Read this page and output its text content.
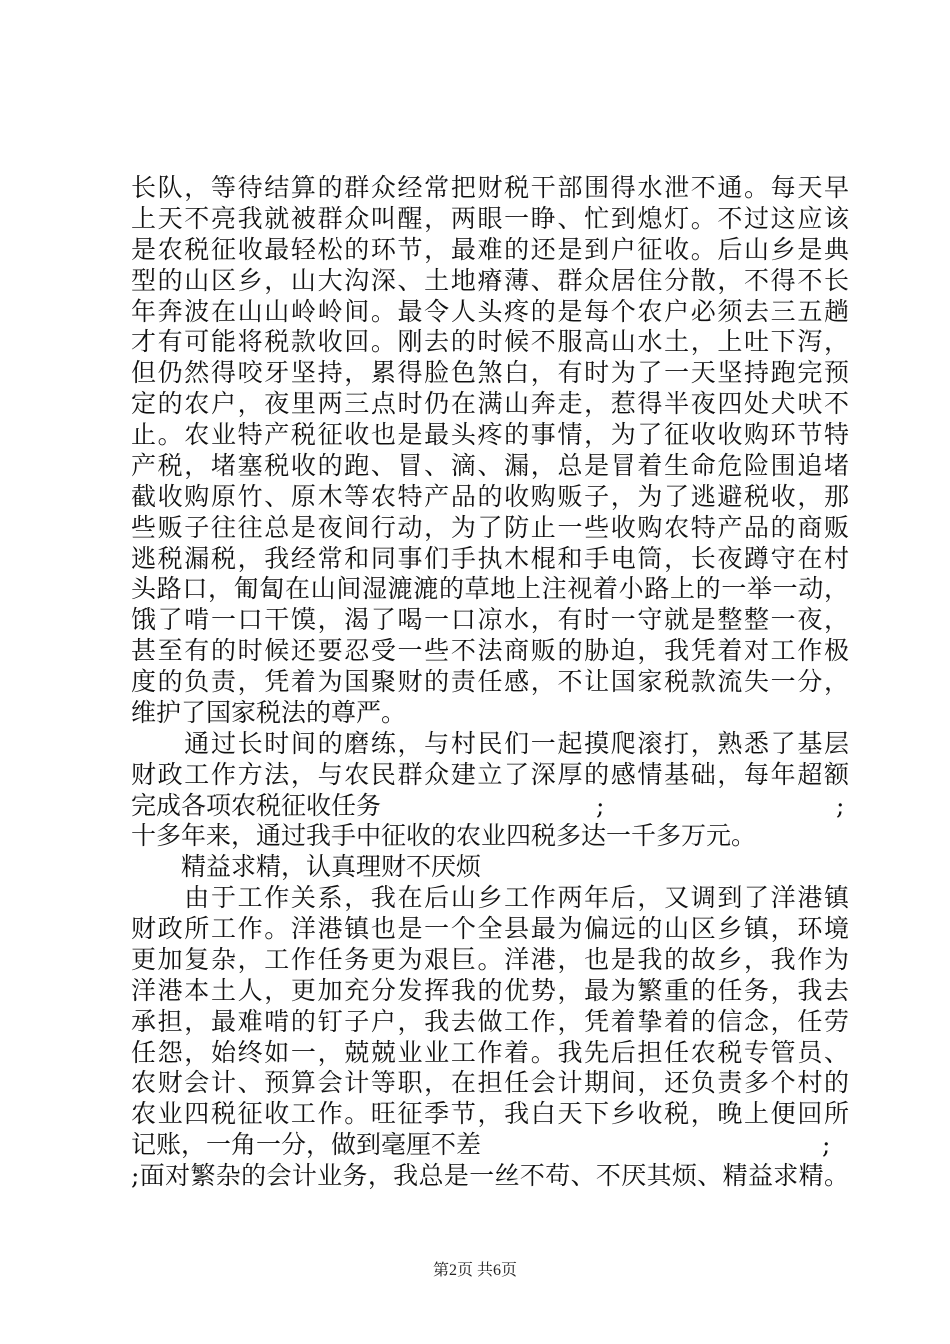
长队，等待结算的群众经常把财税干部围得水泄不通。每天早
上天不亮我就被群众叫醒，两眼一睁、忙到熄灯。不过这应该
是农税征收最轻松的环节，最难的还是到户征收。后山乡是典
型的山区乡，山大沟深、土地瘠薄、群众居住分散，不得不长
年奔波在山山岭岭间。最令人头疼的是每个农户必须去三五趟
才有可能将税款收回。刚去的时候不服高山水土，上吐下泻，
但仍然得咬牙坚持，累得脸色煞白，有时为了一天坚持跑完预
定的农户，夜里两三点时仍在满山奔走，惹得半夜四处犬吠不
止。农业特产税征收也是最头疼的事情，为了征收收购环节特
产税，堵塞税收的跑、冒、滴、漏，总是冒着生命危险围追堵
截收购原竹、原木等农特产品的收购贩子，为了逃避税收，那
些贩子往往总是夜间行动，为了防止一些收购农特产品的商贩
逃税漏税，我经常和同事们手执木棍和手电筒，长夜蹲守在村
头路口，匍匐在山间湿漉漉的草地上注视着小路上的一举一动，
饿了啃一口干馍，渴了喝一口凉水，有时一守就是整整一夜，
甚至有的时候还要忍受一些不法商贩的胁迫，我凭着对工作极
度的负责，凭着为国聚财的责任感，不让国家税款流失一分，
维护了国家税法的尊严。
　　通过长时间的磨练，与村民们一起摸爬滚打，熟悉了基层
财政工作方法，与农民群众建立了深厚的感情基础，每年超额
完成各项农税征收任务	;	;
十多年来，通过我手中征收的农业四税多达一千多万元。
　　精益求精，认真理财不厌烦
　　由于工作关系，我在后山乡工作两年后，又调到了洋港镇
财政所工作。洋港镇也是一个全县最为偏远的山区乡镇，环境
更加复杂，工作任务更为艰巨。洋港，也是我的故乡，我作为
洋港本土人，更加充分发挥我的优势，最为繁重的任务，我去
承担，最难啃的钉子户，我去做工作，凭着挚着的信念，任劳
任怨，始终如一，兢兢业业工作着。我先后担任农税专管员、
农财会计、预算会计等职，在担任会计期间，还负责多个村的
农业四税征收工作。旺征季节，我白天下乡收税，晚上便回所
记账，一角一分，做到毫厘不差	;
;面对繁杂的会计业务，我总是一丝不苟、不厌其烦、精益求精。
第2页 共6页
